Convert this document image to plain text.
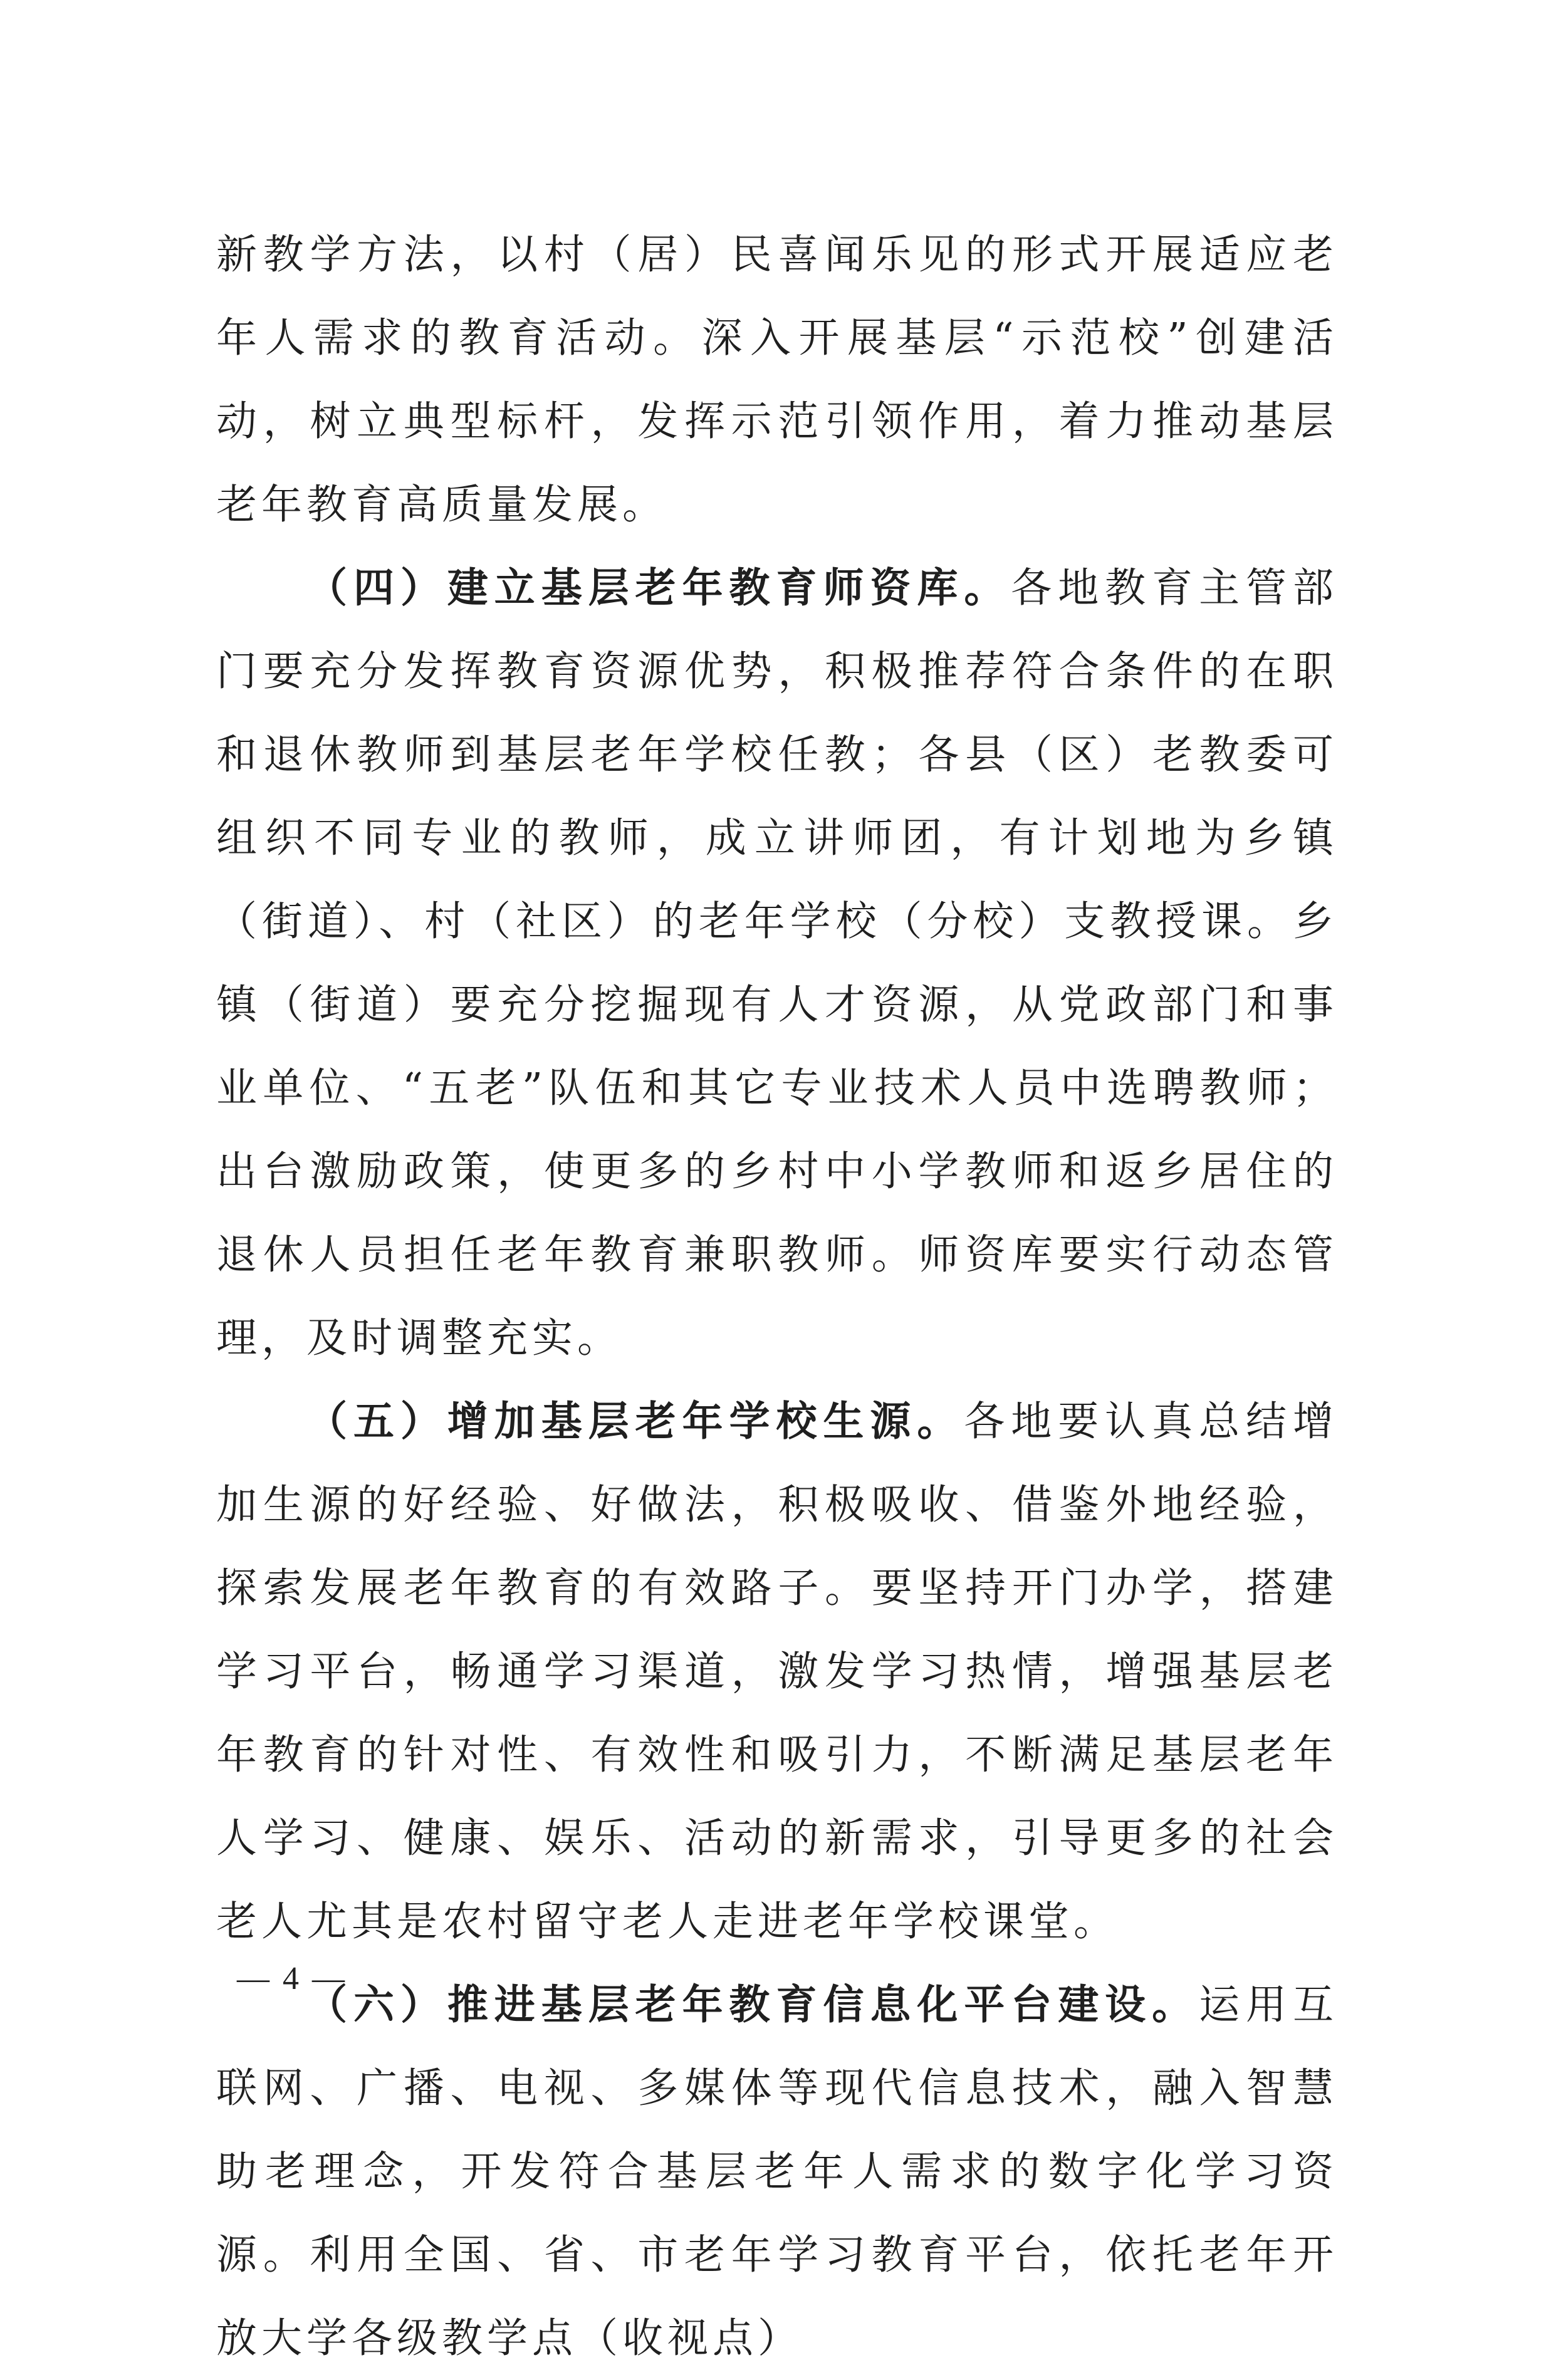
新教学方法，以村（居）民喜闻乐见的形式开展适应老年人需求的教育活动。深入开展基层“示范校”创建活动，树立典型标杆，发挥示范引领作用，着力推动基层老年教育高质量发展。

（四）建立基层老年教育师资库。各地教育主管部门要充分发挥教育资源优势，积极推荐符合条件的在职和退休教师到基层老年学校任教；各县（区）老教委可组织不同专业的教师，成立讲师团，有计划地为乡镇（街道）、村（社区）的老年学校（分校）支教授课。乡镇（街道）要充分挖掘现有人才资源，从党政部门和事业单位、“五老”队伍和其它专业技术人员中选聘教师；出台激励政策，使更多的乡村中小学教师和返乡居住的退休人员担任老年教育兼职教师。师资库要实行动态管理，及时调整充实。

（五）增加基层老年学校生源。各地要认真总结增加生源的好经验、好做法，积极吸收、借鉴外地经验，探索发展老年教育的有效路子。要坚持开门办学，搭建学习平台，畅通学习渠道，激发学习热情，增强基层老年教育的针对性、有效性和吸引力，不断满足基层老年人学习、健康、娱乐、活动的新需求，引导更多的社会老人尤其是农村留守老人走进老年学校课堂。

（六）推进基层老年教育信息化平台建设。运用互联网、广播、电视、多媒体等现代信息技术，融入智慧助老理念，开发符合基层老年人需求的数字化学习资源。利用全国、省、市老年学习教育平台，依托老年开放大学各级教学点（收视点）

— 4 —
